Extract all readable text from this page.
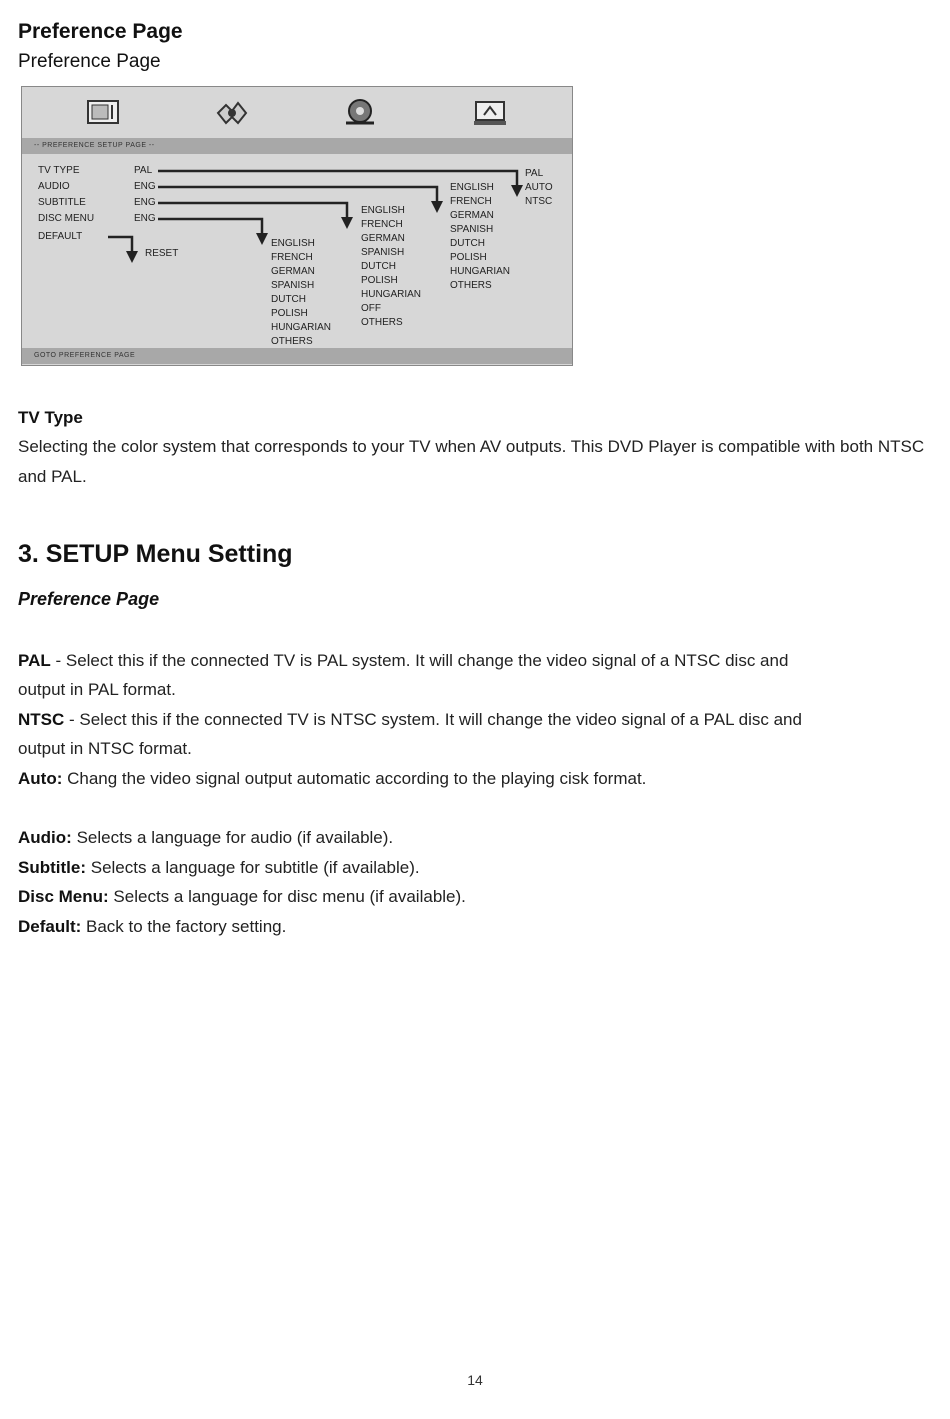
Preference Page
Preference Page
-- PREFERENCE SETUP PAGE --
TV TYPE	PAL
AUDIO	ENG
SUBTITLE	ENG
DISC MENU	ENG
DEFAULT
RESET
PAL
AUTO
NTSC
ENGLISH
FRENCH
GERMAN
SPANISH
DUTCH
POLISH
HUNGARIAN
OTHERS
ENGLISH
FRENCH
GERMAN
SPANISH
DUTCH
POLISH
HUNGARIAN
OFF
OTHERS
ENGLISH
FRENCH
GERMAN
SPANISH
DUTCH
POLISH
HUNGARIAN
OTHERS
GOTO PREFERENCE PAGE
TV Type
Selecting the color system that corresponds to your TV when AV outputs. This DVD Player is compatible with both NTSC and PAL.
3. SETUP Menu Setting
Preference Page
PAL - Select this if the connected TV is PAL system. It will change the video signal of a NTSC disc and
output in PAL format.
NTSC - Select this if the connected TV is NTSC system. It will change the video signal of a PAL disc and
output in NTSC format.
Auto: Chang the video signal output automatic according to the playing cisk format.
Audio: Selects a language for audio (if available).
Subtitle: Selects a language for subtitle (if available).
Disc Menu: Selects a language for disc menu (if available).
Default: Back to the factory setting.
14
